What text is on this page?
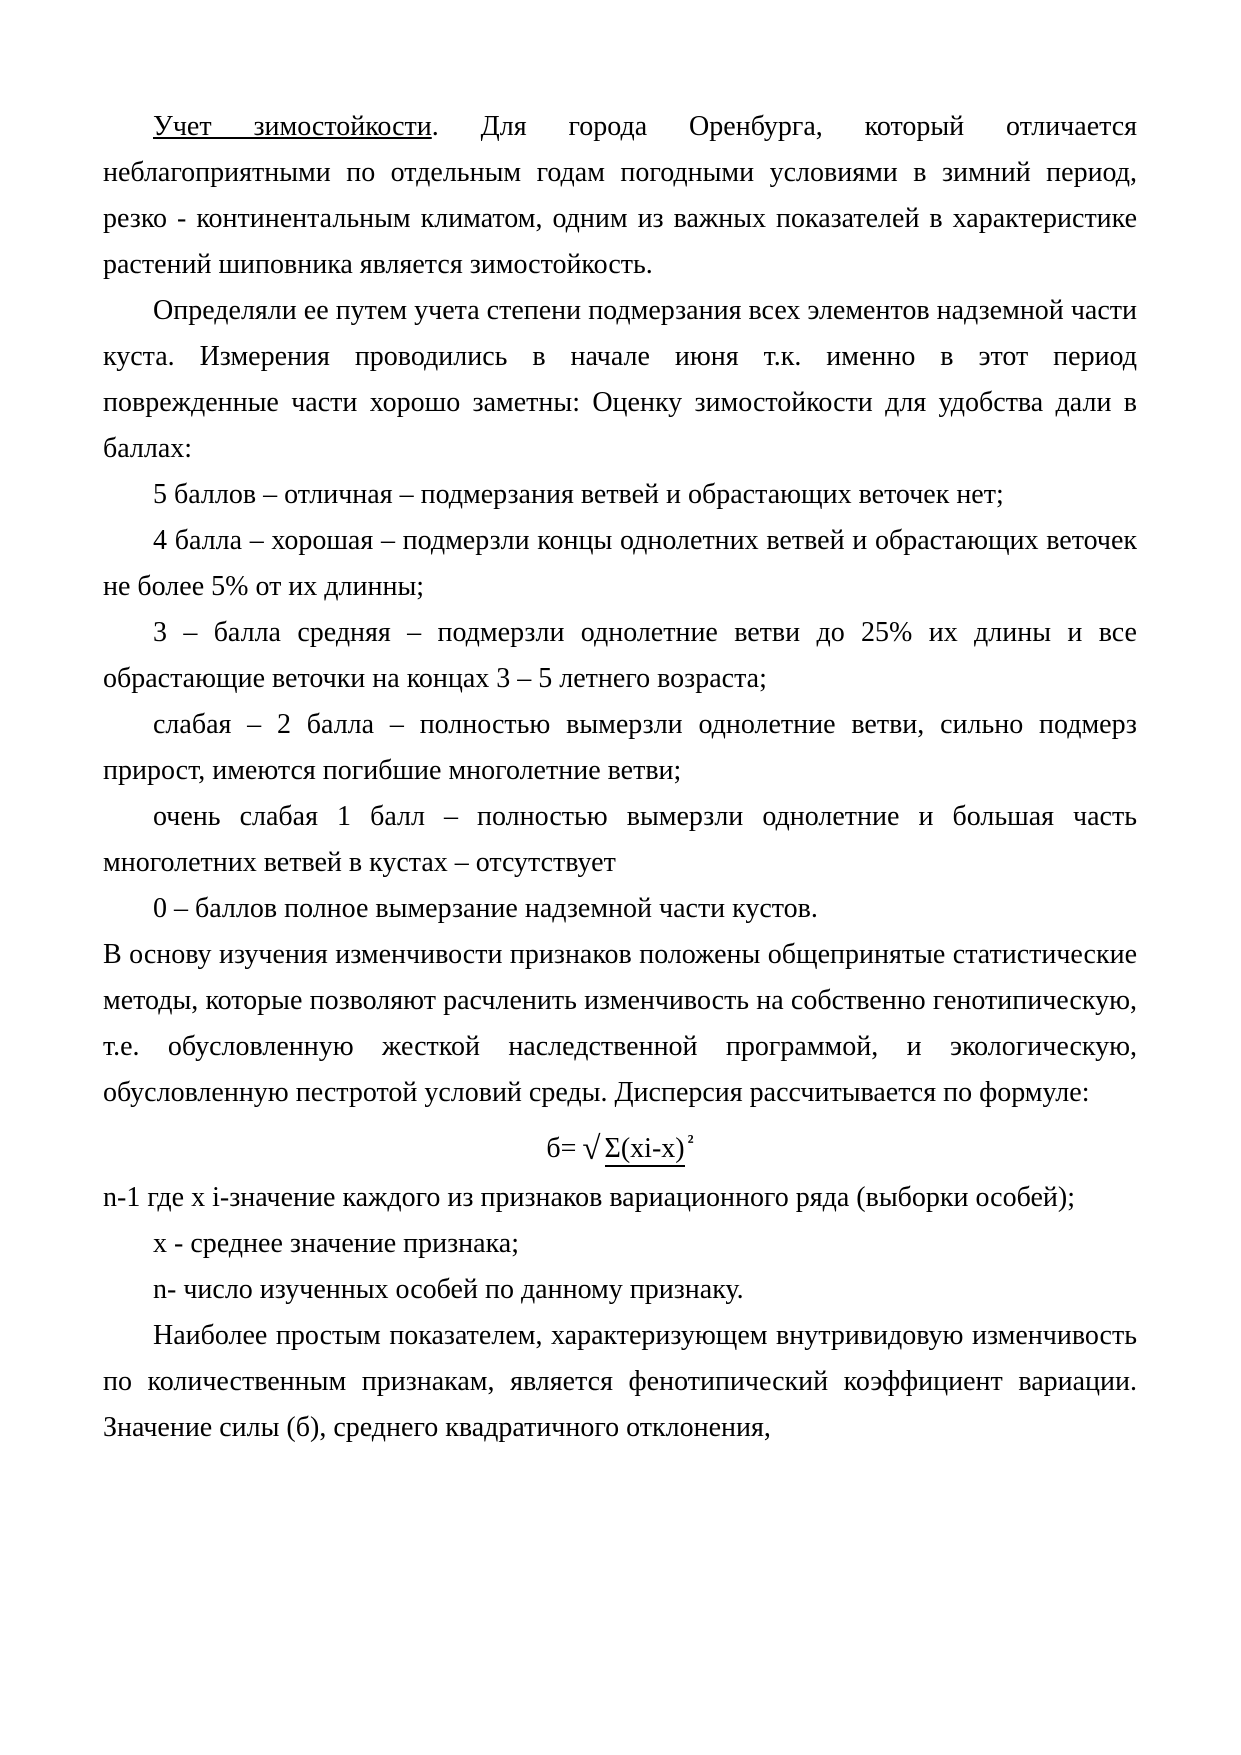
Учет зимостойкости. Для города Оренбурга, который отличается неблагоприятными по отдельным годам погодными условиями в зимний период, резко - континентальным климатом, одним из важных показателей в характеристике растений шиповника является зимостойкость.

Определяли ее путем учета степени подмерзания всех элементов надземной части куста. Измерения проводились в начале июня т.к. именно в этот период поврежденные части хорошо заметны: Оценку зимостойкости для удобства дали в баллах:

5 баллов – отличная – подмерзания ветвей и обрастающих веточек нет;

4 балла – хорошая – подмерзли концы однолетних ветвей и обрастающих веточек не более 5% от их длинны;

3 – балла средняя – подмерзли однолетние ветви до 25% их длины и все обрастающие веточки на концах 3 – 5 летнего возраста;

слабая – 2 балла – полностью вымерзли однолетние ветви, сильно подмерз прирост, имеются погибшие многолетние ветви;

очень слабая 1 балл – полностью вымерзли однолетние и большая часть многолетних ветвей в кустах – отсутствует

0 – баллов полное вымерзание надземной части кустов.

В основу изучения изменчивости признаков положены общепринятые статистические методы, которые позволяют расчленить изменчивость на собственно генотипическую, т.е. обусловленную жесткой наследственной программой, и экологическую, обусловленную пестротой условий среды. Дисперсия рассчитывается по формуле:

б= √ Σ(xi-x) $^{^2}$

n-1 где x i-значение каждого из признаков вариационного ряда (выборки особей);

х - среднее значение признака;

n- число изученных особей по данному признаку.

Наиболее простым показателем, характеризующем внутривидовую изменчивость по количественным признакам, является фенотипический коэффициент вариации. Значение силы (б), среднего квадратичного отклонения,
